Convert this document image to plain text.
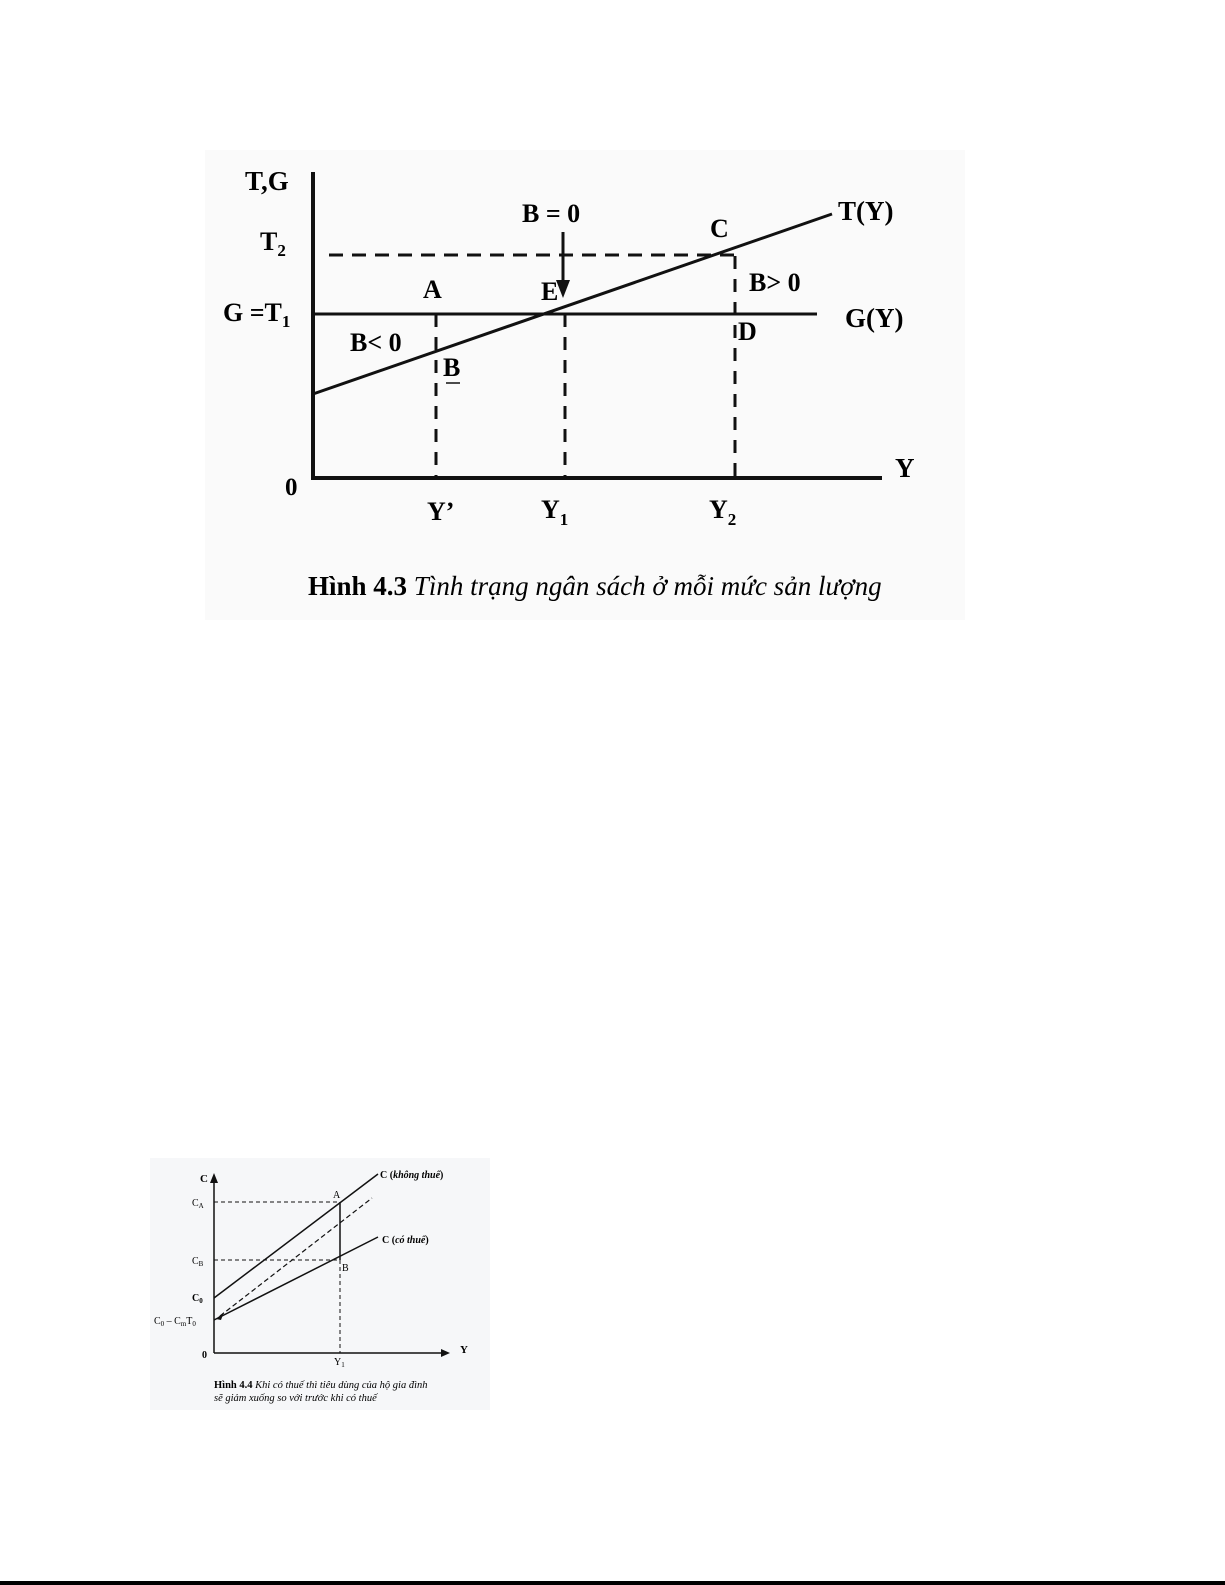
T,G
Y
0
$T_2$
$G =T_1$
Y’	$Y_1$	$Y_2$
T(Y)
G(Y)
A
B
C
D
E
B< 0
B = 0
B> 0
Hình 4.3 Tình trạng ngân sách ở mỗi mức sản lượng
C
Y
0
$C_A$
$C_B$
$C_0$
$C_0 - C_mT_0$
$Y_1$
C (không thuế)
C (có thuế)
A
B
Hình 4.4 Khi có thuế thì tiêu dùng của hộ gia đình
sẽ giảm xuống so với trước khi có thuế
